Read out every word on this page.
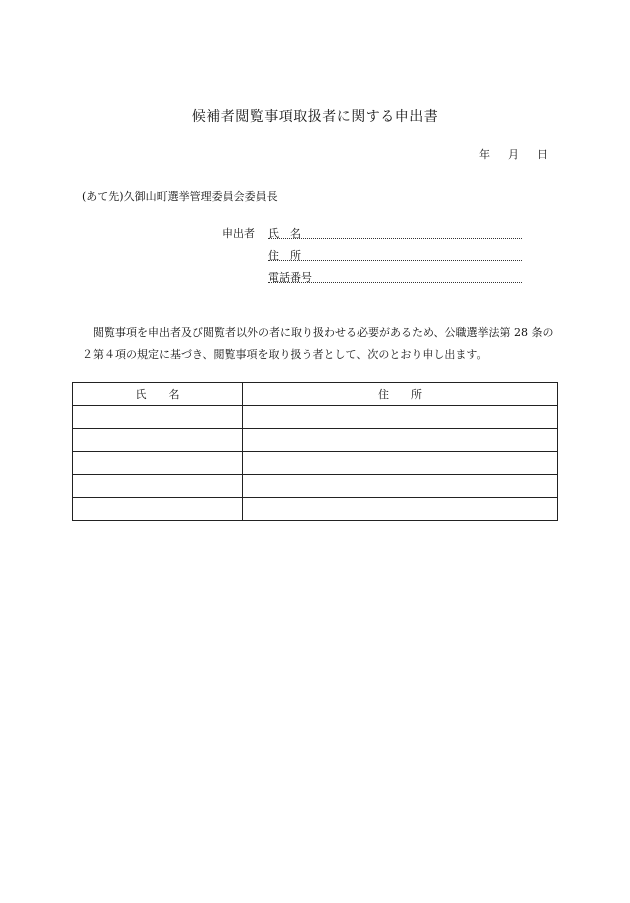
候補者閲覧事項取扱者に関する申出書
年 月 日
(あて先)久御山町選挙管理委員会委員長
申出者	氏　名
住　所
電話番号

閲覧事項を申出者及び閲覧者以外の者に取り扱わせる必要があるため、公職選挙法第 28 条の２第４項の規定に基づき、閲覧事項を取り扱う者として、次のとおり申し出ます。

氏　　名	住　　所
